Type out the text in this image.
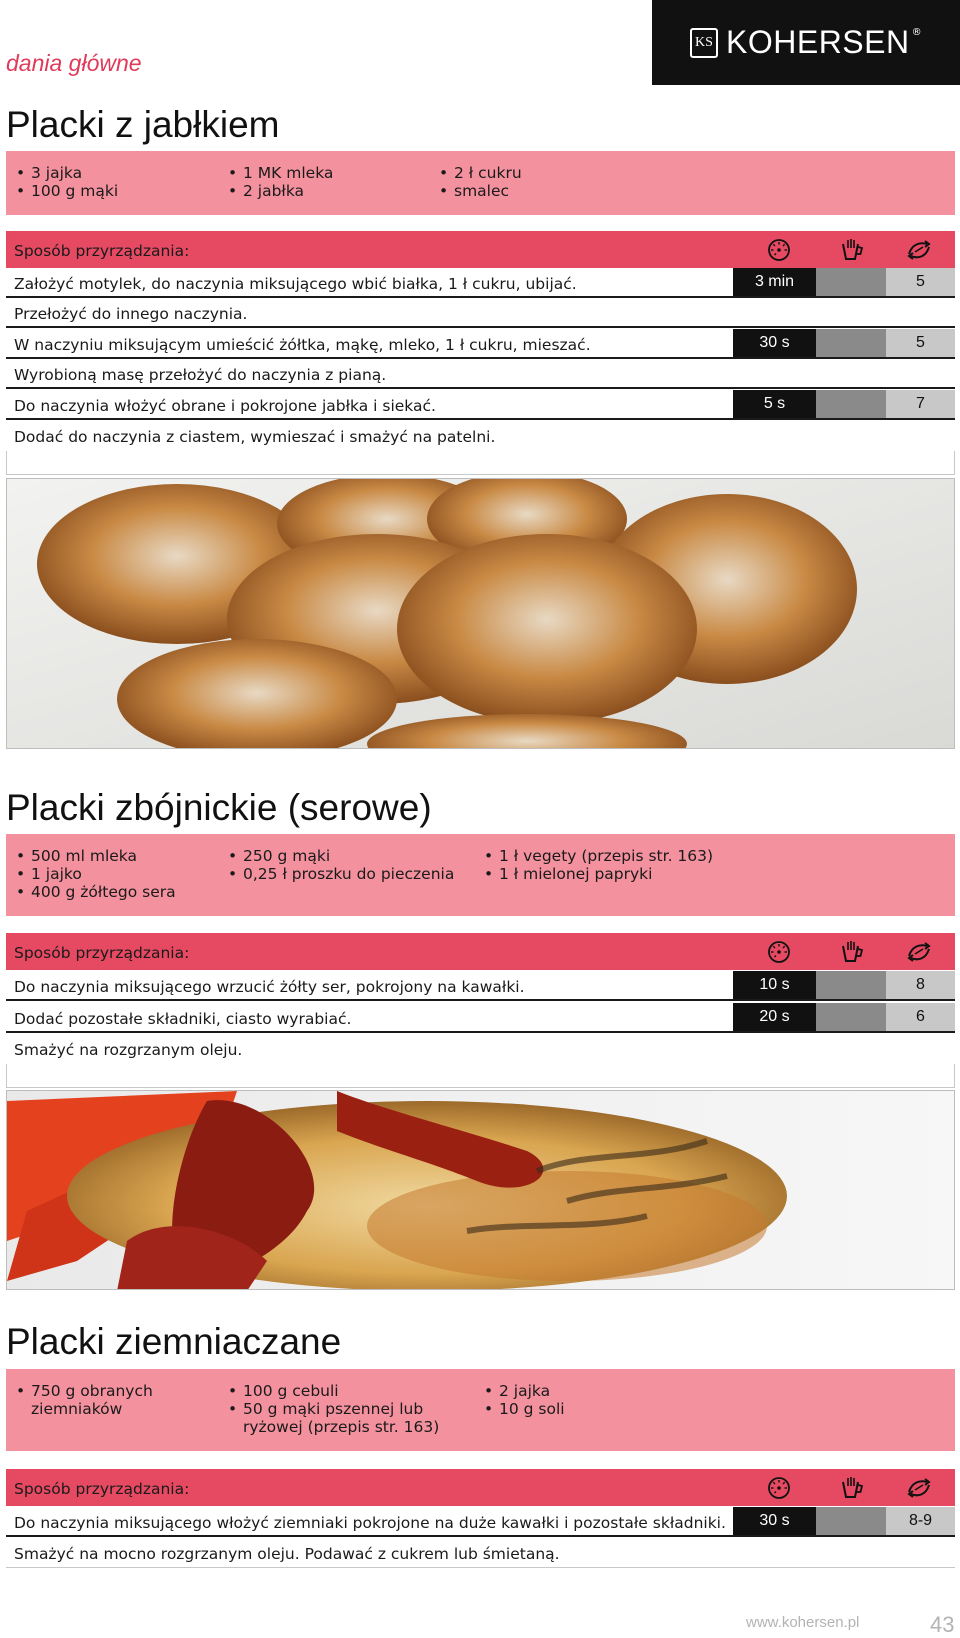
dania główne
KS KOHERSEN ®
Placki z jabłkiem
• 3 jajka
• 100 g mąki
• 1 MK mleka
• 2 jabłka
• 2 ł cukru
• smalec
Sposób przyrządzania:
Założyć motylek, do naczynia miksującego wbić białka, 1 ł cukru, ubijać.	3 min	5
Przełożyć do innego naczynia.
W naczyniu miksującym umieścić żółtka, mąkę, mleko, 1 ł cukru, mieszać.	30 s	5
Wyrobioną masę przełożyć do naczynia z pianą.
Do naczynia włożyć obrane i pokrojone jabłka i siekać.	5 s	7
Dodać do naczynia z ciastem, wymieszać i smażyć na patelni.
Placki zbójnickie (serowe)
• 500 ml mleka
• 1 jajko
• 400 g żółtego sera
• 250 g mąki
• 0,25 ł proszku do pieczenia
• 1 ł vegety (przepis str. 163)
• 1 ł mielonej papryki
Sposób przyrządzania:
Do naczynia miksującego wrzucić żółty ser, pokrojony na kawałki.	10 s	8
Dodać pozostałe składniki, ciasto wyrabiać.	20 s	6
Smażyć na rozgrzanym oleju.
Placki ziemniaczane
• 750 g obranych ziemniaków
• 100 g cebuli
• 50 g mąki pszennej lub ryżowej (przepis str. 163)
• 2 jajka
• 10 g soli
Sposób przyrządzania:
Do naczynia miksującego włożyć ziemniaki pokrojone na duże kawałki i pozostałe składniki.	30 s	8-9
Smażyć na mocno rozgrzanym oleju. Podawać z cukrem lub śmietaną.
www.kohersen.pl	43
